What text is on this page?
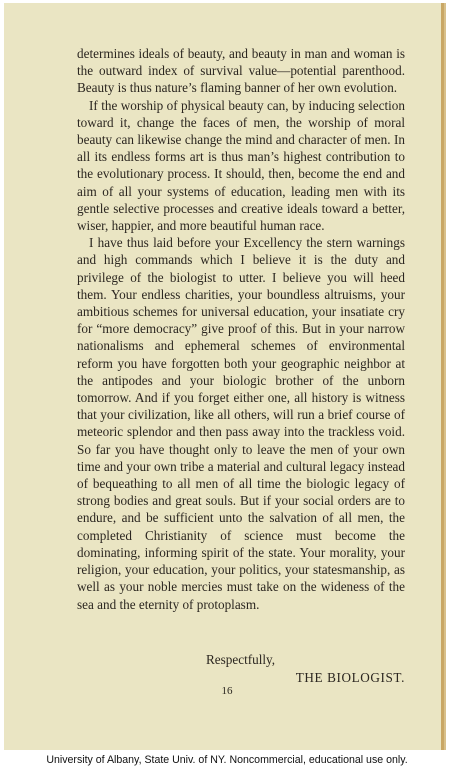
determines ideals of beauty, and beauty in man and woman is the outward index of survival value—potential parenthood. Beauty is thus nature’s flaming banner of her own evolution.

If the worship of physical beauty can, by inducing selection toward it, change the faces of men, the worship of moral beauty can likewise change the mind and character of men. In all its endless forms art is thus man’s highest contribution to the evolutionary process. It should, then, become the end and aim of all your systems of education, leading men with its gentle selective processes and creative ideals toward a better, wiser, happier, and more beautiful human race.

I have thus laid before your Excellency the stern warnings and high commands which I believe it is the duty and privilege of the biologist to utter. I believe you will heed them. Your endless charities, your boundless altruisms, your ambitious schemes for universal education, your insatiate cry for “more democracy” give proof of this. But in your narrow nationalisms and ephemeral schemes of environmental reform you have forgotten both your geographic neighbor at the antipodes and your biologic brother of the unborn tomorrow. And if you forget either one, all history is witness that your civilization, like all others, will run a brief course of meteoric splendor and then pass away into the trackless void. So far you have thought only to leave the men of your own time and your own tribe a material and cultural legacy instead of bequeathing to all men of all time the biologic legacy of strong bodies and great souls. But if your social orders are to endure, and be sufficient unto the salvation of all men, the completed Christianity of science must become the dominating, informing spirit of the state. Your morality, your religion, your education, your politics, your statesmanship, as well as your noble mercies must take on the wideness of the sea and the eternity of protoplasm.

Respectfully,
THE BIOLOGIST.
16
University of Albany, State Univ. of NY. Noncommercial, educational use only.
